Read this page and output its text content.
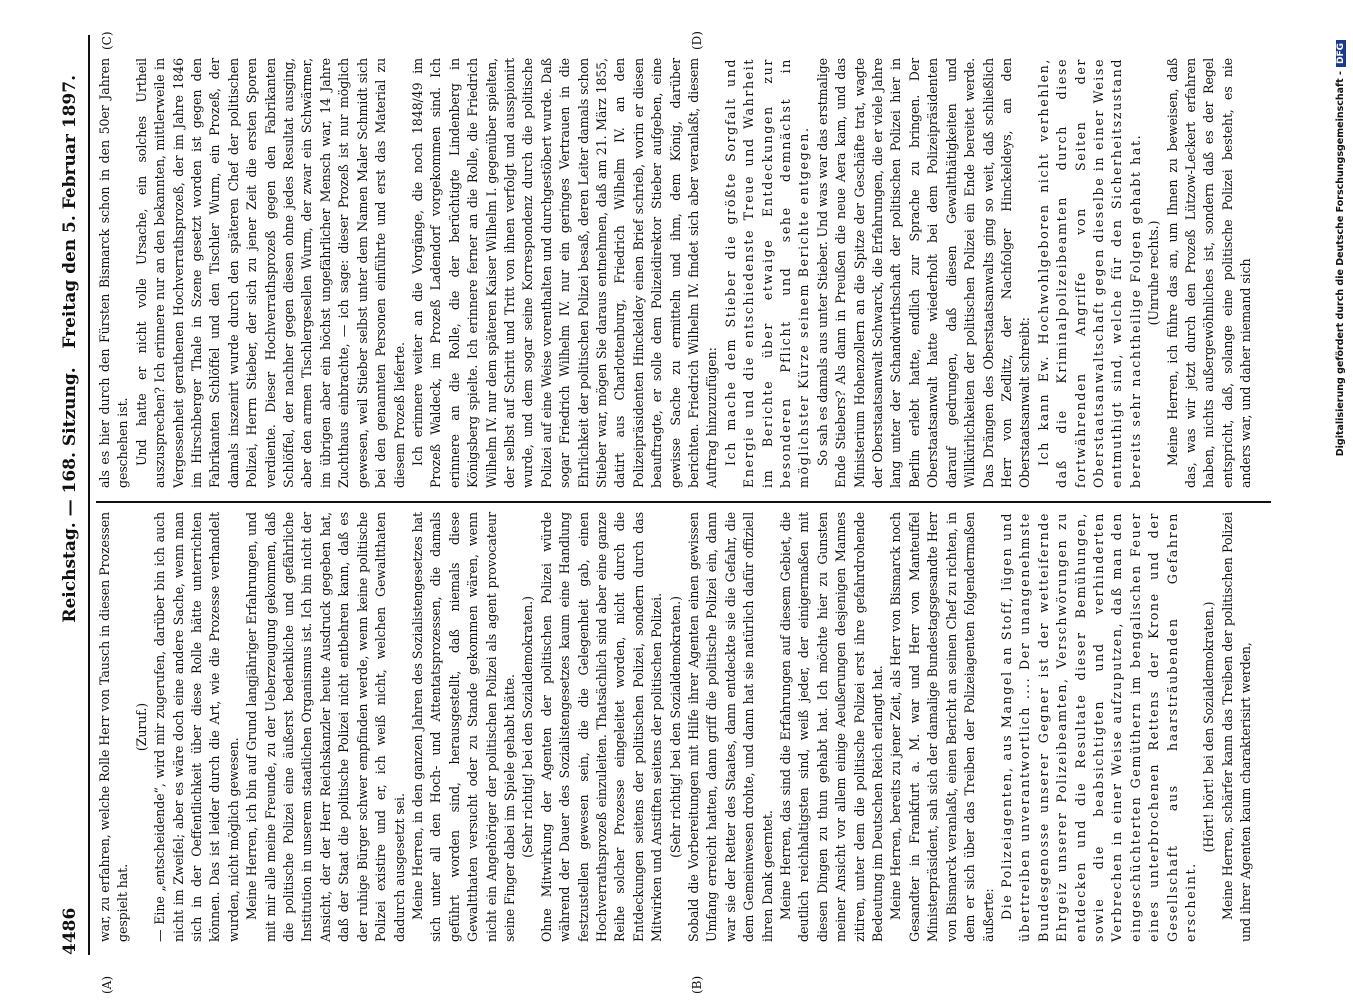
4486
Reichstag. — 168. Sitzung.
Freitag den 5. Februar 1897.
(A)	(B)
(C)	(D)

war, zu erfahren, welche Rolle Herr von Tausch in diesen Prozessen gespielt hat.

(Zuruf.) — Eine „entscheidende“, wird mir zugerufen, darüber bin ich auch nicht im Zweifel; aber es wäre doch eine andere Sache, wenn man sich in der Oeffentlichkeit über diese Rolle hätte unterrichten können. Das ist leider durch die Art, wie die Prozesse verhandelt wurden, nicht möglich gewesen. Meine Herren, ich bin auf Grund langjähriger Erfahrungen, und mit mir alle meine Freunde, zu der Ueberzeugung gekommen, daß die politische Polizei eine äußerst bedenkliche und gefährliche Institution in unserem staatlichen Organismus ist. Ich bin nicht der Ansicht, der der Herr Reichskanzler heute Ausdruck gegeben hat, daß der Staat die politische Polizei nicht entbehren kann, daß es der ruhige Bürger schwer empfinden werde, wenn keine politische Polizei existire und er, ich weiß nicht, welchen Gewaltthaten dadurch ausgesetzt sei. Meine Herren, in den ganzen Jahren des Sozialistengesetzes hat sich unter all den Hoch- und Attentatsprozessen, die damals geführt worden sind, herausgestellt, daß niemals diese Gewaltthaten versucht oder zu Stande gekommen wären, wenn nicht ein Angehöriger der politischen Polizei als agent provocateur seine Finger dabei im Spiele gehabt hätte. (Sehr richtig! bei den Sozialdemokraten.) Ohne Mitwirkung der Agenten der politischen Polizei würde während der Dauer des Sozialistengesetzes kaum eine Handlung festzustellen gewesen sein, die die Gelegenheit gab, einen Hochverrathsprozeß einzuleiten. Thatsächlich sind aber eine ganze Reihe solcher Prozesse eingeleitet worden, nicht durch die Entdeckungen seitens der politischen Polizei, sondern durch das Mitwirken und Anstiften seitens der politischen Polizei. (Sehr richtig! bei den Sozialdemokraten.) Sobald die Vorbereitungen mit Hilfe ihrer Agenten einen gewissen Umfang erreicht hatten, dann griff die politische Polizei ein, dann war sie der Retter des Staates, dann entdeckte sie die Gefahr, die dem Gemeinwesen drohte, und dann hat sie natürlich dafür offiziell ihren Dank geerntet. Meine Herren, das sind die Erfahrungen auf diesem Gebiet, die deutlich reichhaltigsten sind, weiß jeder, der einigermaßen mit diesen Dingen zu thun gehabt hat. Ich möchte hier zu Gunsten meiner Ansicht vor allem einige Aeußerungen desjenigen Mannes zitiren, unter dem die politische Polizei erst ihre gefahrdrohende Bedeutung im Deutschen Reich erlangt hat. Meine Herren, bereits zu jener Zeit, als Herr von Bismarck noch Gesandter in Frankfurt a. M. war und Herr von Manteuffel Ministerpräsident, sah sich der damalige Bundestagsgesandte Herr von Bismarck veranlaßt, einen Bericht an seinen Chef zu richten, in dem er sich über das Treiben der Polizeiagenten folgendermaßen äußerte: Die Polizeiagenten, aus Mangel an Stoff, lügen und übertreiben unverantwortlich .... Der unangenehmste Bundesgenosse unserer Gegner ist der wetteifernde Ehrgeiz unserer Polizeibeamten, Verschwörungen zu entdecken und die Resultate dieser Bemühungen, sowie die beabsichtigten und verhinderten Verbrechen in einer Weise aufzuputzen, daß man den eingeschüchterten Gemüthern im bengalischen Feuer eines unterbrochenen Rettens der Krone und der Gesellschaft aus haarsträubenden Gefahren erscheint.

(Hört! hört! bei den Sozialdemokraten.) Meine Herren, schärfer kann das Treiben der politischen Polizei und ihrer Agenten kaum charakterisirt werden,

als es hier durch den Fürsten Bismarck schon in den 50er Jahren geschehen ist. Und hatte er nicht volle Ursache, ein solches Urtheil auszusprechen? Ich erinnere nur an den bekannten, mittlerweile in Vergessenheit gerathenen Hochverrathsprozeß, der im Jahre 1846 im Hirschberger Thale in Szene gesetzt worden ist gegen den Fabrikanten Schlöffel und den Tischler Wurm, ein Prozeß, der damals inszenirt wurde durch den späteren Chef der politischen Polizei, Herrn Stieber, der sich zu jener Zeit die ersten Sporen verdiente. Dieser Hochverrathsprozeß gegen den Fabrikanten Schlöffel, der nachher gegen diesen ohne jedes Resultat ausging, aber den armen Tischlergesellen Wurm, der zwar ein Schwärmer, im übrigen aber ein höchst ungefährlicher Mensch war, 14 Jahre Zuchthaus einbrachte, — ich sage: dieser Prozeß ist nur möglich gewesen, weil Stieber selbst unter dem Namen Maler Schmidt sich bei den genannten Personen einführte und erst das Material zu diesem Prozeß lieferte. Ich erinnere weiter an die Vorgänge, die noch 1848/49 im Prozeß Waldeck, im Prozeß Ladendorf vorgekommen sind. Ich erinnere an die Rolle, die der berüchtigte Lindenberg in Königsberg spielte. Ich erinnere ferner an die Rolle, die Friedrich Wilhelm IV. nur dem späteren Kaiser Wilhelm I. gegenüber spielten, der selbst auf Schritt und Tritt von ihnen verfolgt und ausspionirt wurde, und dem sogar seine Korrespondenz durch die politische Polizei auf eine Weise vorenthalten und durchgestöbert wurde. Daß sogar Friedrich Wilhelm IV. nur ein geringes Vertrauen in die Ehrlichkeit der politischen Polizei besaß, deren Leiter damals schon Stieber war, mögen Sie daraus entnehmen, daß am 21. März 1855, datirt aus Charlottenburg, Friedrich Wilhelm IV. an den Polizeipräsidenten Hinckeldey einen Brief schrieb, worin er diesen beauftragte, er solle dem Polizeidirektor Stieber aufgeben, eine gewisse Sache zu ermitteln und ihm, dem König, darüber berichten. Friedrich Wilhelm IV. findet sich aber veranlaßt, diesem Auftrag hinzuzufügen: Ich mache dem Stieber die größte Sorgfalt und Energie und die entschiedenste Treue und Wahrheit im Berichte über etwaige Entdeckungen zur besonderen Pflicht und sehe demnächst in möglichster Kürze seinem Berichte entgegen. So sah es damals aus unter Stieber. Und was war das erstmalige Ende Stiebers? Als dann in Preußen die neue Aera kam, und das Ministerium Hohenzollern an die Spitze der Geschäfte trat, wagte der Oberstaatsanwalt Schwarck, die Erfahrungen, die er viele Jahre lang unter der Schandwirthschaft der politischen Polizei hier in Berlin erlebt hatte, endlich zur Sprache zu bringen. Der Oberstaatsanwalt hatte wiederholt bei dem Polizeipräsidenten darauf gedrungen, daß diesen Gewaltthätigkeiten und Willkürlichkeiten der politischen Polizei ein Ende bereitet werde. Das Drängen des Oberstaatsanwalts ging so weit, daß schließlich Herr von Zedlitz, der Nachfolger Hinckeldeys, an den Oberstaatsanwalt schreibt: Ich kann Ew. Hochwohlgeboren nicht verhehlen, daß die Kriminalpolizeibeamten durch diese fortwährenden Angriffe von Seiten der Oberstaatsanwaltschaft gegen dieselbe in einer Weise entmuthigt sind, welche für den Sicherheitszustand bereits sehr nachtheilige Folgen gehabt hat. (Unruhe rechts.) Meine Herren, ich führe das an, um Ihnen zu beweisen, daß das, was wir jetzt durch den Prozeß Lützow-Leckert erfahren haben, nichts außergewöhnliches ist, sondern daß es der Regel entspricht, daß, solange eine politische Polizei besteht, es nie anders war, und daher niemand sich	Digitalisierung gefördert durch die Deutsche Forschungsgemeinschaft -DFG
